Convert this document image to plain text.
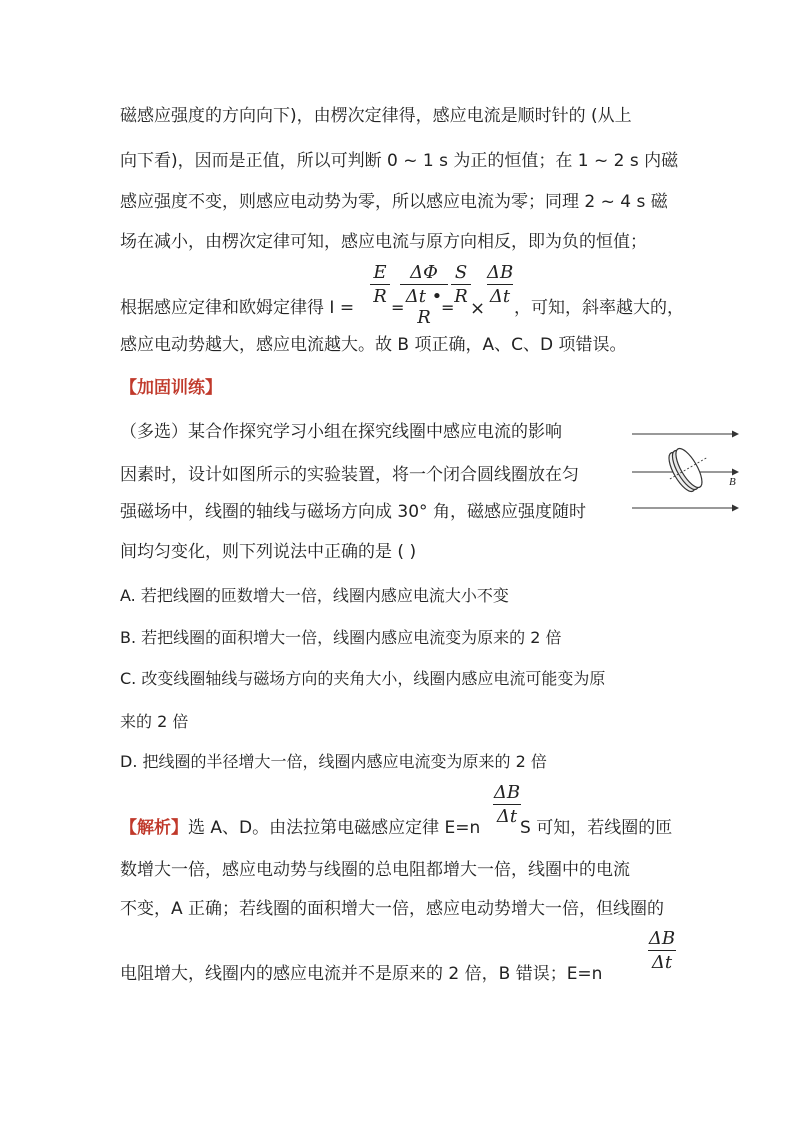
磁感应强度的方向向下)，由楞次定律得，感应电流是顺时针的 (从上
向下看)，因而是正值，所以可判断 0 ~ 1 s 为正的恒值；在 1 ~ 2 s 内磁
感应强度不变，则感应电动势为零，所以感应电流为零；同理 2 ~ 4 s 磁
场在减小，由楞次定律可知，感应电流与原方向相反，即为负的恒值；
根据感应定律和欧姆定律得 I =
E
R
=
ΔΦ
Δt • R =
S
R
×
ΔB
Δt
，可知，斜率越大的，
感应电动势越大，感应电流越大。故 B 项正确，A、C、D 项错误。
【加固训练】
（多选）某合作探究学习小组在探究线圈中感应电流的影响
因素时，设计如图所示的实验装置，将一个闭合圆线圈放在匀
强磁场中，线圈的轴线与磁场方向成 30° 角，磁感应强度随时
间均匀变化，则下列说法中正确的是 ( )
B
A. 若把线圈的匝数增大一倍，线圈内感应电流大小不变
B. 若把线圈的面积增大一倍，线圈内感应电流变为原来的 2 倍
C. 改变线圈轴线与磁场方向的夹角大小，线圈内感应电流可能变为原
来的 2 倍
D. 把线圈的半径增大一倍，线圈内感应电流变为原来的 2 倍
【解析】选 A、D。由法拉第电磁感应定律 E=n
ΔB
Δt
S 可知，若线圈的匝
数增大一倍，感应电动势与线圈的总电阻都增大一倍，线圈中的电流
不变，A 正确；若线圈的面积增大一倍，感应电动势增大一倍，但线圈的
电阻增大，线圈内的感应电流并不是原来的 2 倍，B 错误；E=n
ΔB
Δt
